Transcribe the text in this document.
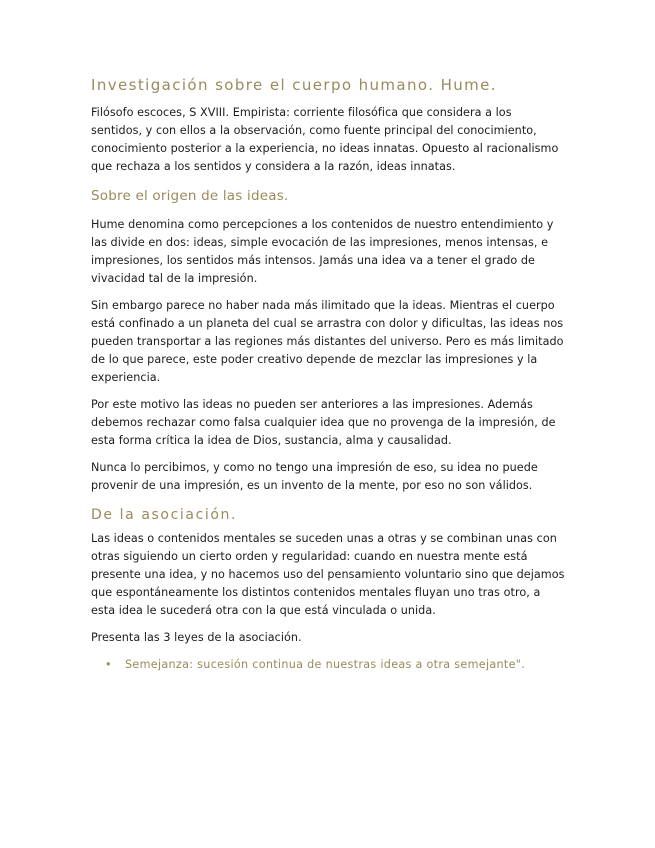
Investigación sobre el cuerpo humano. Hume.

Filósofo escoces, S XVIII. Empirista: corriente filosófica que considera a los sentidos, y con ellos a la observación, como fuente principal del conocimiento, conocimiento posterior a la experiencia, no ideas innatas. Opuesto al racionalismo que rechaza a los sentidos y considera a la razón, ideas innatas.

Sobre el origen de las ideas.

Hume denomina como percepciones a los contenidos de nuestro entendimiento y las divide en dos: ideas, simple evocación de las impresiones, menos intensas, e impresiones, los sentidos más intensos. Jamás una idea va a tener el grado de vivacidad tal de la impresión.

Sin embargo parece no haber nada más ilimitado que la ideas. Mientras el cuerpo está confinado a un planeta del cual se arrastra con dolor y dificultas, las ideas nos pueden transportar a las regiones más distantes del universo. Pero es más limitado de lo que parece, este poder creativo depende de mezclar las impresiones y la experiencia.

Por este motivo las ideas no pueden ser anteriores a las impresiones. Además debemos rechazar como falsa cualquier idea que no provenga de la impresión, de esta forma crítica la idea de Dios, sustancia, alma y causalidad.

Nunca lo percibimos, y como no tengo una impresión de eso, su idea no puede provenir de una impresión, es un invento de la mente, por eso no son válidos.

De la asociación.

Las ideas o contenidos mentales se suceden unas a otras y se combinan unas con otras siguiendo un cierto orden y regularidad: cuando en nuestra mente está presente una idea, y no hacemos uso del pensamiento voluntario sino que dejamos que espontáneamente los distintos contenidos mentales fluyan uno tras otro, a esta idea le sucederá otra con la que está vinculada o unida.

Presenta las 3 leyes de la asociación.

• Semejanza: sucesión continua de nuestras ideas a otra semejante".
